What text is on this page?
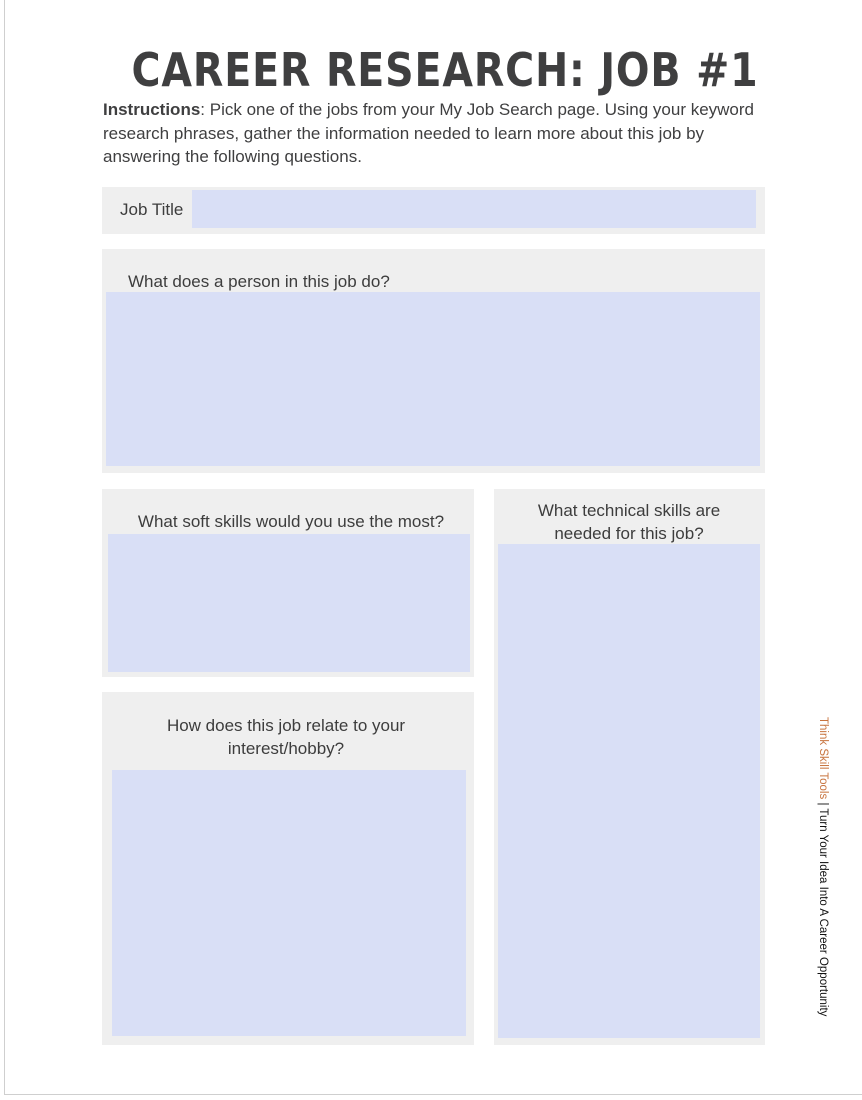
CAREER RESEARCH: JOB #1
Instructions: Pick one of the jobs from your My Job Search page. Using your keyword research phrases, gather the information needed to learn more about this job by answering the following questions.
Job Title
What does a person in this job do?
What soft skills would you use the most?
What technical skills are needed for this job?
How does this job relate to your interest/hobby?	Think Skill Tools | Turn Your Idea Into A Career Opportunity
